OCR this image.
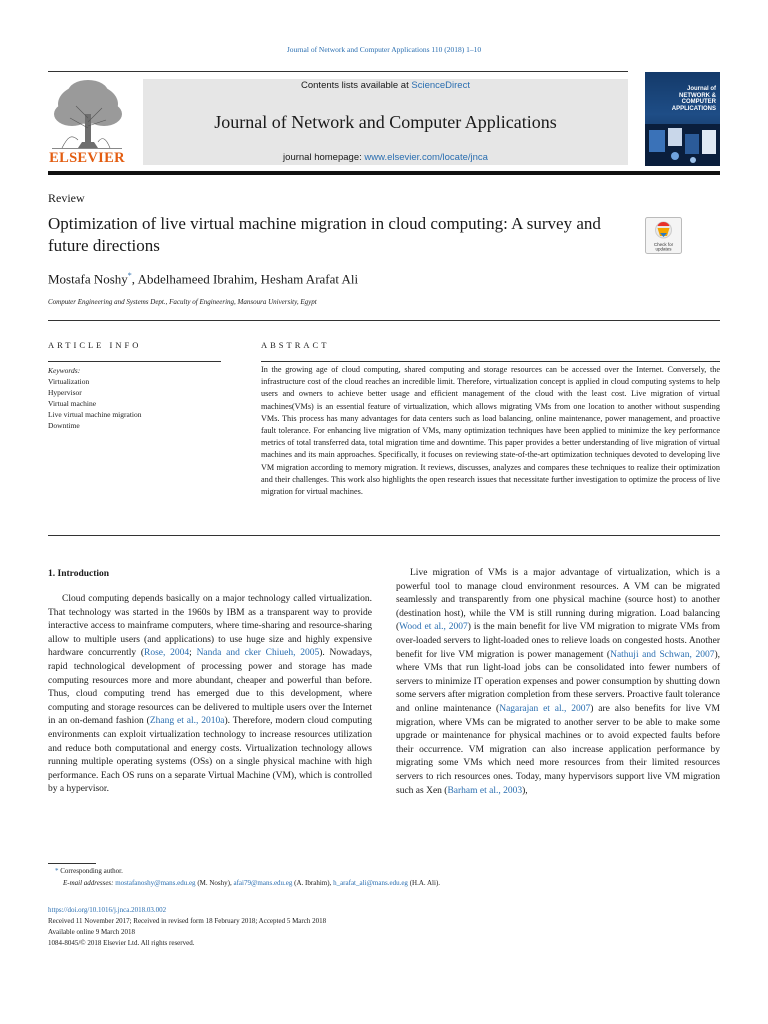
Journal of Network and Computer Applications 110 (2018) 1–10
ELSEVIER
Contents lists available at ScienceDirect
Journal of Network and Computer Applications
journal homepage: www.elsevier.com/locate/jnca
Journal of
NETWORK &
COMPUTER
APPLICATIONS
Review
Optimization of live virtual machine migration in cloud computing: A survey and future directions	Check for
updates
Mostafa Noshy*, Abdelhameed Ibrahim, Hesham Arafat Ali
Computer Engineering and Systems Dept., Faculty of Engineering, Mansoura University, Egypt
ARTICLE INFO	ABSTRACT
Keywords:
Virtualization
Hypervisor
Virtual machine
Live virtual machine migration
Downtime
In the growing age of cloud computing, shared computing and storage resources can be accessed over the Internet. Conversely, the infrastructure cost of the cloud reaches an incredible limit. Therefore, virtualization concept is applied in cloud computing systems to help users and owners to achieve better usage and efficient management of the cloud with the least cost. Live migration of virtual machines(VMs) is an essential feature of virtualization, which allows migrating VMs from one location to another without suspending VMs. This process has many advantages for data centers such as load balancing, online maintenance, power management, and proactive fault tolerance. For enhancing live migration of VMs, many optimization techniques have been applied to minimize the key performance metrics of total transferred data, total migration time and downtime. This paper provides a better understanding of live migration of virtual machines and its main approaches. Specifically, it focuses on reviewing state-of-the-art optimization techniques devoted to developing live VM migration according to memory migration. It reviews, discusses, analyzes and compares these techniques to realize their optimization and their challenges. This work also highlights the open research issues that necessitate further investigation to optimize the process of live migration for virtual machines.
1. Introduction
Cloud computing depends basically on a major technology called virtualization. That technology was started in the 1960s by IBM as a transparent way to provide interactive access to mainframe computers, where time-sharing and resource-sharing allow to multiple users (and applications) to use huge size and highly expensive hardware concurrently (Rose, 2004; Nanda and cker Chiueh, 2005). Nowadays, rapid technological development of processing power and storage has made computing resources more and more abundant, cheaper and powerful than before. Thus, cloud computing trend has emerged due to this development, where computing and storage resources can be delivered to multiple users over the Internet in an on-demand fashion (Zhang et al., 2010a). Therefore, modern cloud computing environments can exploit virtualization technology to increase resources utilization and reduce both computational and energy costs. Virtualization technology allows running multiple operating systems (OSs) on a single physical machine with high performance. Each OS runs on a separate Virtual Machine (VM), which is controlled by a hypervisor.
Live migration of VMs is a major advantage of virtualization, which is a powerful tool to manage cloud environment resources. A VM can be migrated seamlessly and transparently from one physical machine (source host) to another (destination host), while the VM is still running during migration. Load balancing (Wood et al., 2007) is the main benefit for live VM migration to migrate VMs from over-loaded servers to light-loaded ones to relieve loads on congested hosts. Another benefit for live VM migration is power management (Nathuji and Schwan, 2007), where VMs that run light-load jobs can be consolidated into fewer numbers of servers to minimize IT operation expenses and power consumption by shutting down some servers after migration completion from these servers. Proactive fault tolerance and online maintenance (Nagarajan et al., 2007) are also benefits for live VM migration, where VMs can be migrated to another server to be able to make some upgrade or maintenance for physical machines or to avoid expected faults before their occurrence. VM migration can also increase application performance by migrating some VMs which need more resources from their limited resources servers to rich resources ones. Today, many hypervisors support live VM migration such as Xen (Barham et al., 2003),
* Corresponding author.
E-mail addresses: mostafanoshy@mans.edu.eg (M. Noshy), afai79@mans.edu.eg (A. Ibrahim), h_arafat_ali@mans.edu.eg (H.A. Ali).
https://doi.org/10.1016/j.jnca.2018.03.002
Received 11 November 2017; Received in revised form 18 February 2018; Accepted 5 March 2018
Available online 9 March 2018
1084-8045/© 2018 Elsevier Ltd. All rights reserved.
